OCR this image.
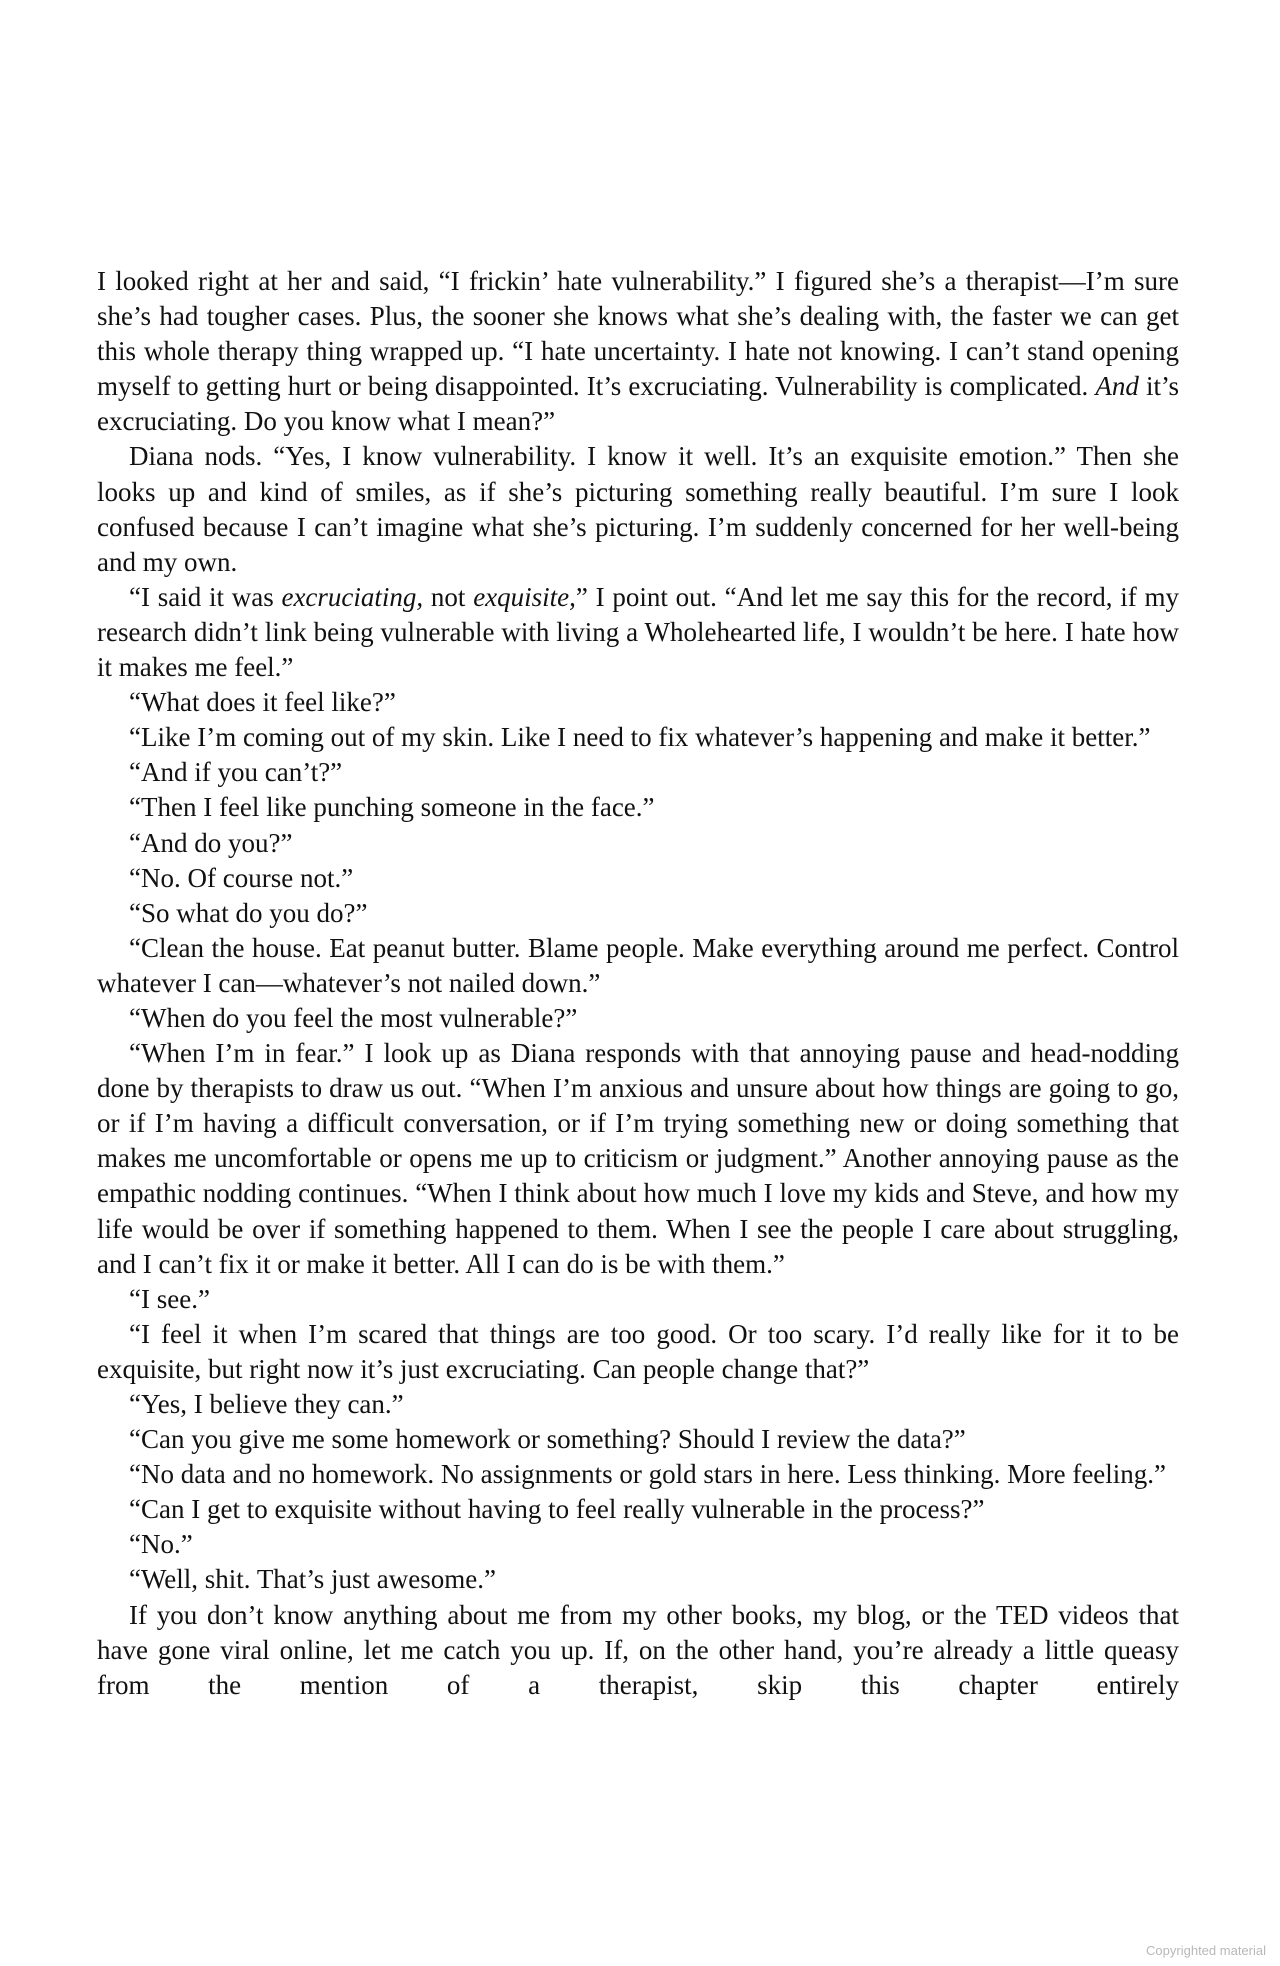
I looked right at her and said, “I frickin’ hate vulnerability.” I figured she’s a therapist—I’m sure she’s had tougher cases. Plus, the sooner she knows what she’s dealing with, the faster we can get this whole therapy thing wrapped up. “I hate uncertainty. I hate not knowing. I can’t stand opening myself to getting hurt or being disappointed. It’s excruciating. Vulnerability is complicated. And it’s excruciating. Do you know what I mean?”

Diana nods. “Yes, I know vulnerability. I know it well. It’s an exquisite emotion.” Then she looks up and kind of smiles, as if she’s picturing something really beautiful. I’m sure I look confused because I can’t imagine what she’s picturing. I’m suddenly concerned for her well-being and my own.

“I said it was excruciating, not exquisite,” I point out. “And let me say this for the record, if my research didn’t link being vulnerable with living a Wholehearted life, I wouldn’t be here. I hate how it makes me feel.”

“What does it feel like?”

“Like I’m coming out of my skin. Like I need to fix whatever’s happening and make it better.”

“And if you can’t?”

“Then I feel like punching someone in the face.”

“And do you?”

“No. Of course not.”

“So what do you do?”

“Clean the house. Eat peanut butter. Blame people. Make everything around me perfect. Control whatever I can—whatever’s not nailed down.”

“When do you feel the most vulnerable?”

“When I’m in fear.” I look up as Diana responds with that annoying pause and head-nodding done by therapists to draw us out. “When I’m anxious and unsure about how things are going to go, or if I’m having a difficult conversation, or if I’m trying something new or doing something that makes me uncomfortable or opens me up to criticism or judgment.” Another annoying pause as the empathic nodding continues. “When I think about how much I love my kids and Steve, and how my life would be over if something happened to them. When I see the people I care about struggling, and I can’t fix it or make it better. All I can do is be with them.”

“I see.”

“I feel it when I’m scared that things are too good. Or too scary. I’d really like for it to be exquisite, but right now it’s just excruciating. Can people change that?”

“Yes, I believe they can.”

“Can you give me some homework or something? Should I review the data?”

“No data and no homework. No assignments or gold stars in here. Less thinking. More feeling.”

“Can I get to exquisite without having to feel really vulnerable in the process?”

“No.”

“Well, shit. That’s just awesome.”

If you don’t know anything about me from my other books, my blog, or the TED videos that have gone viral online, let me catch you up. If, on the other hand, you’re already a little queasy from the mention of a therapist, skip this chapter entirely

Copyrighted material
